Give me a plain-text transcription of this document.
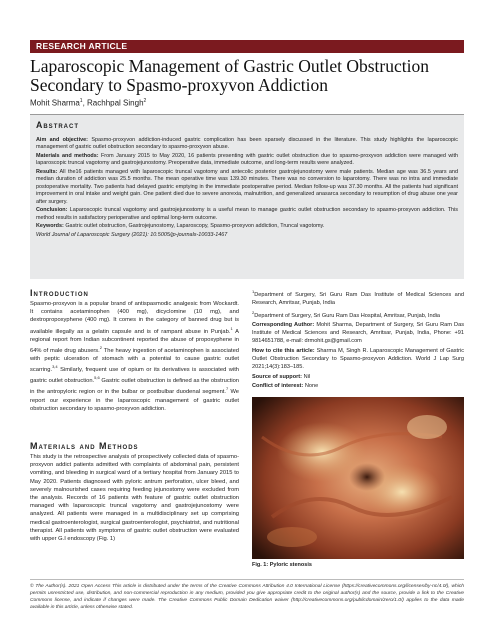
RESEARCH ARTICLE
Laparoscopic Management of Gastric Outlet Obstruction Secondary to Spasmo-proxyvon Addiction
Mohit Sharma$^1$, Rachhpal Singh$^2$
Abstract

Aim and objective: Spasmo-proxyvon addiction-induced gastric complication has been sparsely discussed in the literature. This study highlights the laparoscopic management of gastric outlet obstruction secondary to spasmo-proxyvon abuse.

Materials and methods: From January 2015 to May 2020, 16 patients presenting with gastric outlet obstruction due to spasmo-proxyvon addiction were managed with laparoscopic truncal vagotomy and gastrojejunostomy. Preoperative data, immediate outcome, and long-term results were analyzed.

Results: All the16 patients managed with laparoscopic truncal vagotomy and antecolic posterior gastrojejunostomy were male patients. Median age was 36.5 years and median duration of addiction was 25.5 months. The mean operative time was 139.30 minutes. There was no conversion to laparotomy. There was no intra and immediate postoperative mortality. Two patients had delayed gastric emptying in the immediate postoperative period. Median follow-up was 37.30 months. All the patients had significant improvement in oral intake and weight gain. One patient died due to severe anorexia, malnutrition, and generalized anasarca secondary to resumption of drug abuse one year after surgery.

Conclusion: Laparoscopic truncal vagotomy and gastrojejunostomy is a useful mean to manage gastric outlet obstruction secondary to spasmo-proxyvon addiction. This method results in satisfactory perioperative and optimal long-term outcome.

Keywords: Gastric outlet obstruction, Gastrojejunostomy, Laparoscopy, Spasmo-proxyvon addiction, Truncal vagotomy.

World Journal of Laparoscopic Surgery (2021): 10.5005/jp-journals-10033-1467

Introduction

Spasmo-proxyvon is a popular brand of antispasmodic analgesic from Wockardt. It contains acetaminophen (400 mg), dicyclomine (10 mg), and dextropropoxyphene (400 mg). It comes in the category of banned drug but is available illegally as a gelatin capsule and is of rampant abuse in Punjab.$^1$ A regional report from Indian subcontinent reported the abuse of propoxyphene in 64% of male drug abusers.$^2$ The heavy ingestion of acetaminophen is associated with peptic ulceration of stomach with a potential to cause gastric outlet scarring.$^{3,4}$ Similarly, frequent use of opium or its derivatives is associated with gastric outlet obstruction.$^{5,6}$ Gastric outlet obstruction is defined as the obstruction in the antropyloric region or in the bulbar or postbulbar duodenal segment.$^7$ We report our experience in the laparoscopic management of gastric outlet obstruction secondary to spasmo-proxyvon addiction.

Materials and Methods

This study is the retrospective analysis of prospectively collected data of spasmo-proxyvon addict patients admitted with complaints of abdominal pain, persistent vomiting, and bleeding in surgical ward of a tertiary hospital from January 2015 to May 2020. Patients diagnosed with pyloric antrum perforation, ulcer bleed, and severely malnourished cases requiring feeding jejunostomy were excluded from the analysis. Records of 16 patients with feature of gastric outlet obstruction managed with laparoscopic truncal vagotomy and gastrojejunostomy were analyzed. All patients were managed in a multidisciplinary set up comprising medical gastroenterologist, surgical gastroenterologist, psychiatrist, and nutritional therapist. All patients with symptoms of gastric outlet obstruction were evaluated with upper G.I endoscopy (Fig. 1)

$^1$Department of Surgery, Sri Guru Ram Das Institute of Medical Sciences and Research, Amritsar, Punjab, India

$^2$Department of Surgery, Sri Guru Ram Das Hospital, Amritsar, Punjab, India

Corresponding Author: Mohit Sharma, Department of Surgery, Sri Guru Ram Das Institute of Medical Sciences and Research, Amritsar, Punjab, India, Phone: +91 9814651788, e-mail: drmohit.gs@gmail.com

How to cite this article: Sharma M, Singh R. Laparoscopic Management of Gastric Outlet Obstruction Secondary to Spasmo-proxyvon Addiction. World J Lap Surg 2021;14(3):183–185.

Source of support: Nil

Conflict of interest: None

Fig. 1: Pyloric stenosis
© The Author(s). 2021 Open Access This article is distributed under the terms of the Creative Commons Attribution 4.0 International License (https://creativecommons.org/licenses/by-nc/4.0/), which permits unrestricted use, distribution, and non-commercial reproduction in any medium, provided you give appropriate credit to the original author(s) and the source, provide a link to the Creative Commons license, and indicate if changes were made. The Creative Commons Public Domain Dedication waiver (http://creativecommons.org/publicdomain/zero/1.0/) applies to the data made available in this article, unless otherwise stated.
